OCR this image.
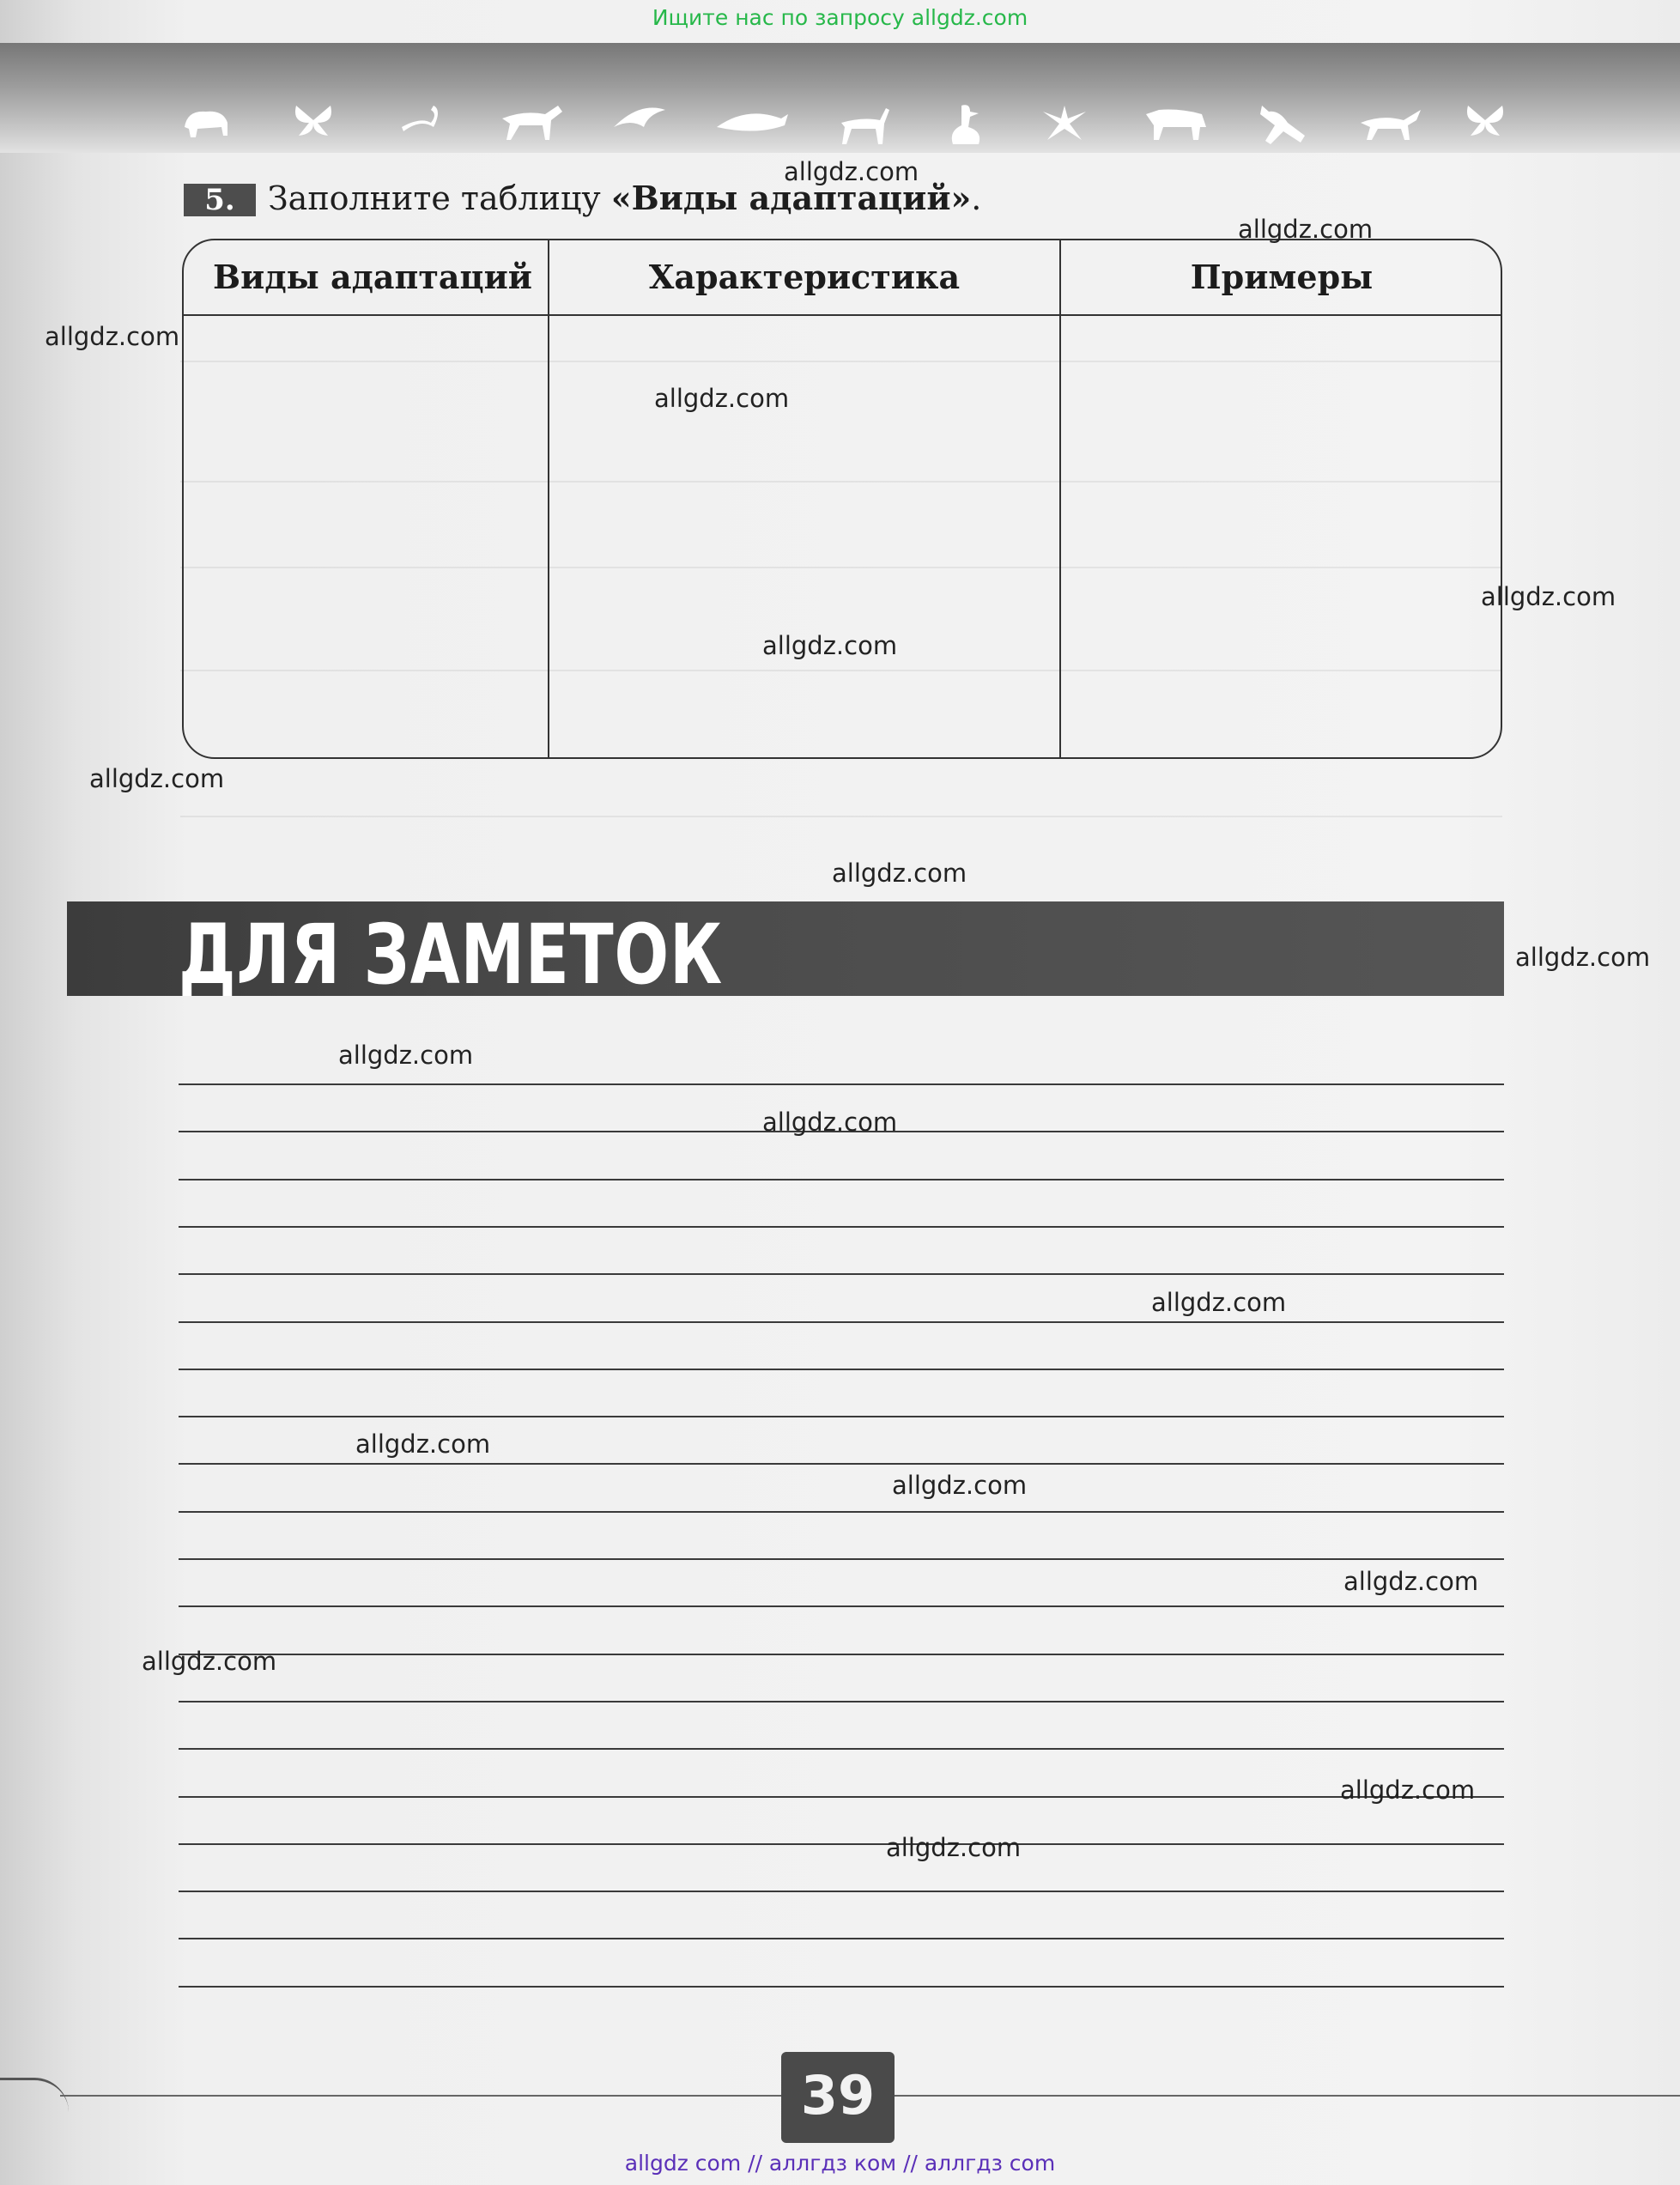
Ищите нас по запросу allgdz.com
5.	Заполните таблицу «Виды адаптаций».
Виды адаптаций	Характеристика	Примеры
ДЛЯ ЗАМЕТОК
39
allgdz.com
allgdz.com
allgdz.com
allgdz.com
allgdz.com
allgdz.com
allgdz.com
allgdz.com
allgdz.com
allgdz.com
allgdz.com
allgdz.com
allgdz.com
allgdz.com
allgdz.com
allgdz.com
allgdz.com
allgdz.com
allgdz com // аллгдз ком // аллгдз com
